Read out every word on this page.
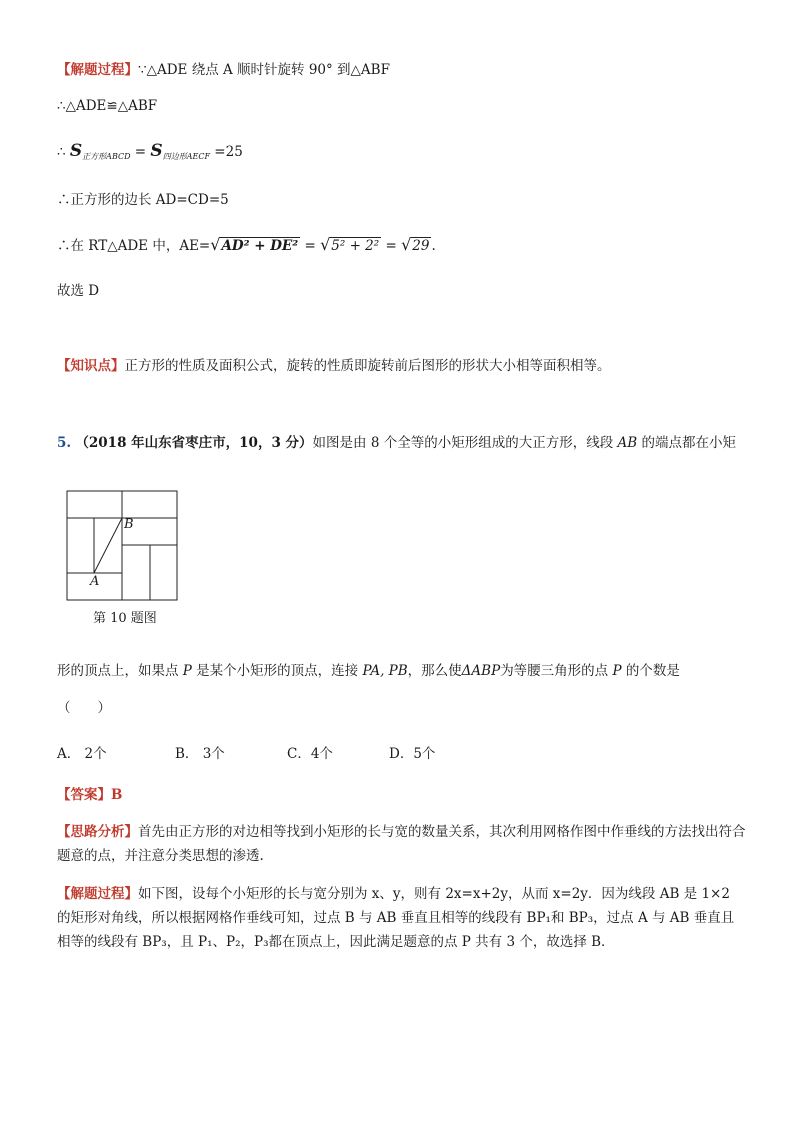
【解题过程】∵△ADE 绕点 A 顺时针旋转 90° 到△ABF
∴△ADE≌△ABF
∴ $S_{正方形ABCD} = S_{四边形AECF} =25$
∴正方形的边长 AD=CD=5
∴在 RT△ADE 中，AE=√AD² + DE² = √5² + 2² = √29 .
故选 D
【知识点】正方形的性质及面积公式，旋转的性质即旋转前后图形的形状大小相等面积相等。
5. （2018 年山东省枣庄市，10，3 分）如图是由 8 个全等的小矩形组成的大正方形，线段 AB 的端点都在小矩
B
A
第 10 题图
形的顶点上，如果点 P 是某个小矩形的顶点，连接 PA, PB，那么使ΔABP为等腰三角形的点 P 的个数是
（　　）
A． 2个	B． 3个	C．4个	D．5个
【答案】B
【思路分析】首先由正方形的对边相等找到小矩形的长与宽的数量关系，其次利用网格作图中作垂线的方法找出符合题意的点，并注意分类思想的渗透.
【解题过程】如下图，设每个小矩形的长与宽分别为 x、y，则有 2x=x+2y，从而 x=2y．因为线段 AB 是 1×2
的矩形对角线，所以根据网格作垂线可知，过点 B 与 AB 垂直且相等的线段有 BP₁和 BP₃，过点 A 与 AB 垂直且
相等的线段有 BP₃，且 P₁、P₂，P₃都在顶点上，因此满足题意的点 P 共有 3 个，故选择 B．
